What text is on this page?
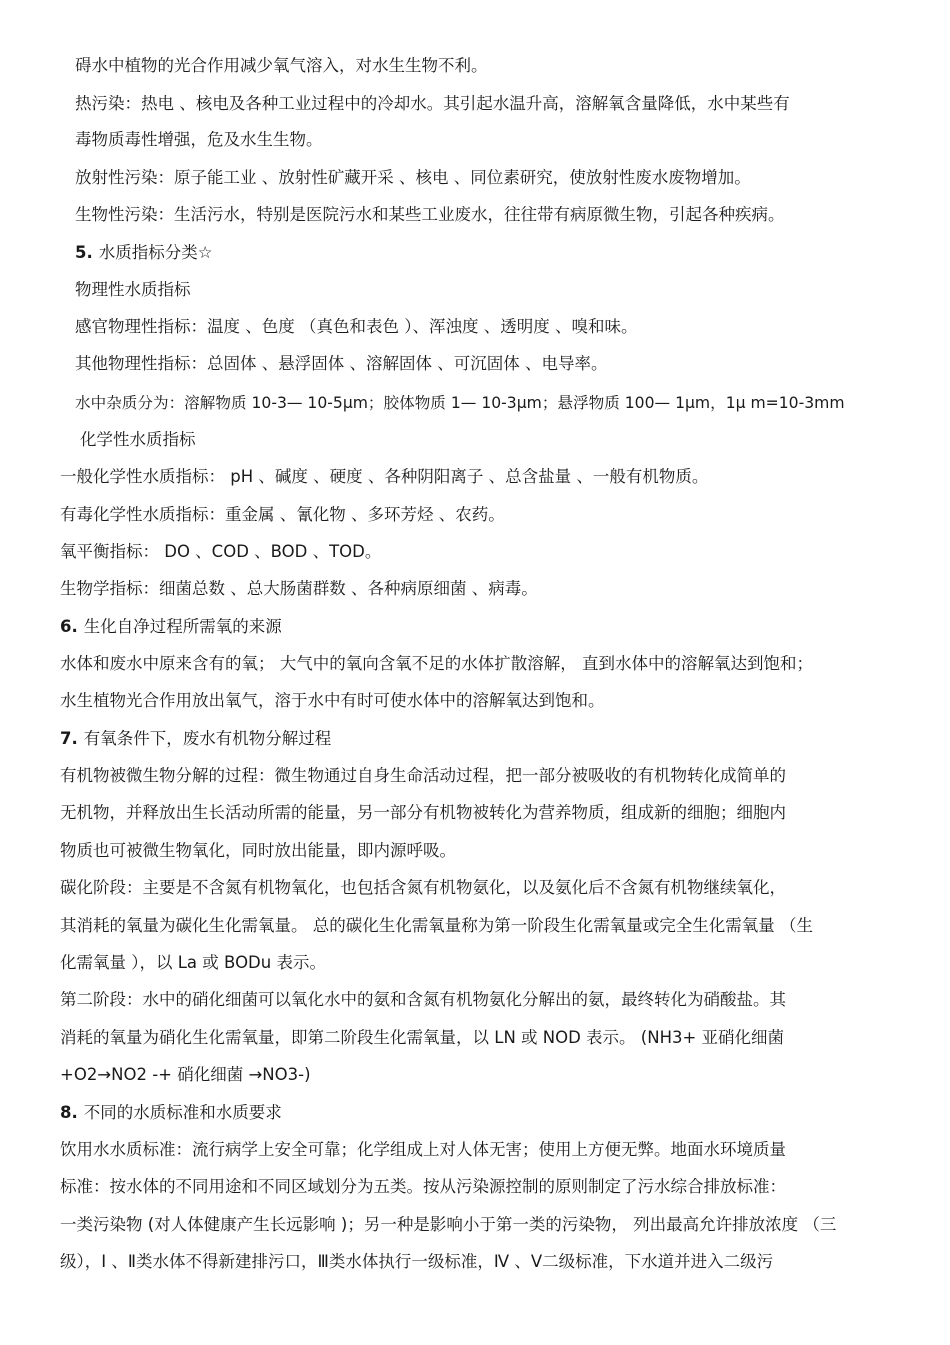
碍水中植物的光合作用减少氧气溶入，对水生生物不利。
热污染：热电 、核电及各种工业过程中的冷却水。其引起水温升高，溶解氧含量降低，水中某些有
毒物质毒性增强，危及水生生物。
放射性污染：原子能工业 、放射性矿藏开采 、核电 、同位素研究，使放射性废水废物增加。
生物性污染：生活污水，特别是医院污水和某些工业废水，往往带有病原微生物，引起各种疾病。
5. 水质指标分类☆
物理性水质指标
感官物理性指标：温度 、色度 （真色和表色 ）、浑浊度 、透明度 、嗅和味。
其他物理性指标：总固体 、悬浮固体 、溶解固体 、可沉固体 、电导率。
水中杂质分为：溶解物质 10-3— 10-5μm；胶体物质 1— 10-3μm；悬浮物质 100— 1μm，1μ m=10-3mm
化学性水质指标
一般化学性水质指标： pH 、碱度 、硬度 、各种阴阳离子 、总含盐量 、一般有机物质。
有毒化学性水质指标：重金属 、氰化物 、多环芳烃 、农药。
氧平衡指标： DO 、COD 、BOD 、TOD。
生物学指标：细菌总数 、总大肠菌群数 、各种病原细菌 、病毒。
6. 生化自净过程所需氧的来源
水体和废水中原来含有的氧； 大气中的氧向含氧不足的水体扩散溶解， 直到水体中的溶解氧达到饱和；
水生植物光合作用放出氧气，溶于水中有时可使水体中的溶解氧达到饱和。
7. 有氧条件下，废水有机物分解过程
有机物被微生物分解的过程：微生物通过自身生命活动过程，把一部分被吸收的有机物转化成简单的
无机物，并释放出生长活动所需的能量，另一部分有机物被转化为营养物质，组成新的细胞；细胞内
物质也可被微生物氧化，同时放出能量，即内源呼吸。
碳化阶段：主要是不含氮有机物氧化，也包括含氮有机物氨化，以及氨化后不含氮有机物继续氧化，
其消耗的氧量为碳化生化需氧量。 总的碳化生化需氧量称为第一阶段生化需氧量或完全生化需氧量 （生
化需氧量 ），以 La 或 BODu 表示。
第二阶段：水中的硝化细菌可以氧化水中的氨和含氮有机物氨化分解出的氨，最终转化为硝酸盐。其
消耗的氧量为硝化生化需氧量，即第二阶段生化需氧量，以 LN 或 NOD 表示。 (NH3+ 亚硝化细菌
+O2→NO2 -+ 硝化细菌 →NO3-)
8. 不同的水质标准和水质要求
饮用水水质标准：流行病学上安全可靠；化学组成上对人体无害；使用上方便无弊。地面水环境质量
标准：按水体的不同用途和不同区域划分为五类。按从污染源控制的原则制定了污水综合排放标准：
一类污染物 (对人体健康产生长远影响 )；另一种是影响小于第一类的污染物， 列出最高允许排放浓度 （三
级），Ⅰ 、Ⅱ类水体不得新建排污口，Ⅲ类水体执行一级标准，Ⅳ 、Ⅴ二级标准，下水道并进入二级污
